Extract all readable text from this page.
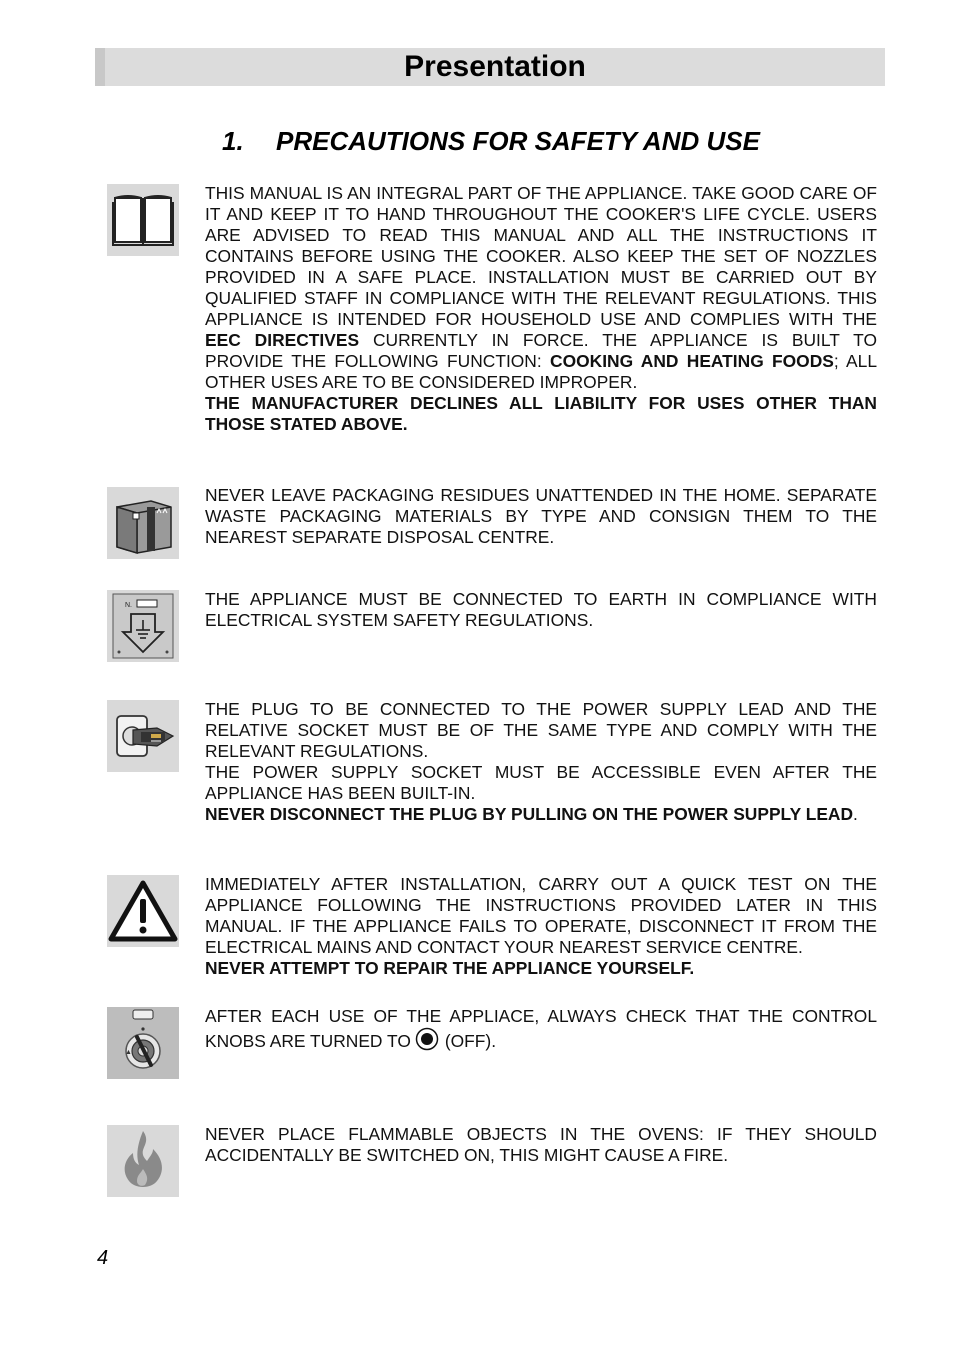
Presentation
1. PRECAUTIONS FOR SAFETY AND USE

THIS MANUAL IS AN INTEGRAL PART OF THE APPLIANCE. TAKE GOOD CARE OF IT AND KEEP IT TO HAND THROUGHOUT THE COOKER'S LIFE CYCLE. USERS ARE ADVISED TO READ THIS MANUAL AND ALL THE INSTRUCTIONS IT CONTAINS BEFORE USING THE COOKER. ALSO KEEP THE SET OF NOZZLES PROVIDED IN A SAFE PLACE. INSTALLATION MUST BE CARRIED OUT BY QUALIFIED STAFF IN COMPLIANCE WITH THE RELEVANT REGULATIONS. THIS APPLIANCE IS INTENDED FOR HOUSEHOLD USE AND COMPLIES WITH THE EEC DIRECTIVES CURRENTLY IN FORCE. THE APPLIANCE IS BUILT TO PROVIDE THE FOLLOWING FUNCTION: COOKING AND HEATING FOODS; ALL OTHER USES ARE TO BE CONSIDERED IMPROPER.

THE MANUFACTURER DECLINES ALL LIABILITY FOR USES OTHER THAN THOSE STATED ABOVE.

NEVER LEAVE PACKAGING RESIDUES UNATTENDED IN THE HOME. SEPARATE WASTE PACKAGING MATERIALS BY TYPE AND CONSIGN THEM TO THE NEAREST SEPARATE DISPOSAL CENTRE.

N.	THE APPLIANCE MUST BE CONNECTED TO EARTH IN COMPLIANCE WITH ELECTRICAL SYSTEM SAFETY REGULATIONS.

THE PLUG TO BE CONNECTED TO THE POWER SUPPLY LEAD AND THE RELATIVE SOCKET MUST BE OF THE SAME TYPE AND COMPLY WITH THE RELEVANT REGULATIONS.

THE POWER SUPPLY SOCKET MUST BE ACCESSIBLE EVEN AFTER THE APPLIANCE HAS BEEN BUILT-IN.

NEVER DISCONNECT THE PLUG BY PULLING ON THE POWER SUPPLY LEAD.

IMMEDIATELY AFTER INSTALLATION, CARRY OUT A QUICK TEST ON THE APPLIANCE FOLLOWING THE INSTRUCTIONS PROVIDED LATER IN THIS MANUAL. IF THE APPLIANCE FAILS TO OPERATE, DISCONNECT IT FROM THE ELECTRICAL MAINS AND CONTACT YOUR NEAREST SERVICE CENTRE.

NEVER ATTEMPT TO REPAIR THE APPLIANCE YOURSELF.

▲

AFTER EACH USE OF THE APPLIACE, ALWAYS CHECK THAT THE CONTROL KNOBS ARE TURNED TO (OFF).

NEVER PLACE FLAMMABLE OBJECTS IN THE OVENS: IF THEY SHOULD ACCIDENTALLY BE SWITCHED ON, THIS MIGHT CAUSE A FIRE.

4
